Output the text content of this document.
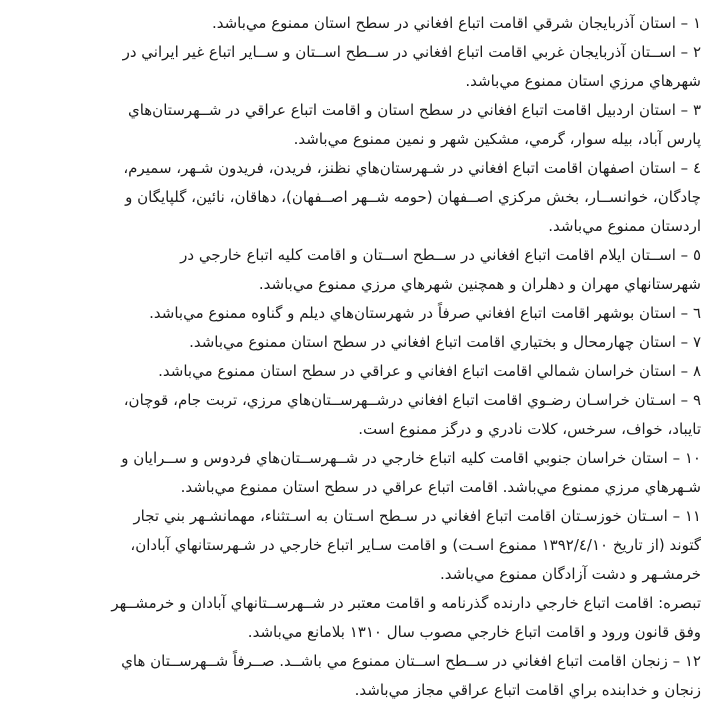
۱ – استان آذربایجان شرقي اقامت اتباع افغاني در سطح استان ممنوع مي‌باشد.
۲ – اســتان آذربایجان غربي اقامت اتباع افغاني در ســطح اســتان و ســایر اتباع غیر ایراني در
شهرهاي مرزي استان ممنوع مي‌باشد.
۳ – استان اردبیل اقامت اتباع افغاني در سطح استان و اقامت اتباع عراقي در شــهرستان‌هاي
پارس آباد، بیله سوار، گرمي، مشکین شهر و نمین ممنوع مي‌باشد.
٤ – استان اصفهان اقامت اتباع افغاني در شـهرستان‌هاي نظنز، فریدن، فریدون شـهر، سمیرم،
چادگان، خوانســار، بخش مرکزي اصــفهان (حومه شــهر اصــفهان)، دهاقان، نائین، گلپایگان و
اردستان ممنوع مي‌باشد.
٥ – اســتان ایلام اقامت اتباع افغاني در ســطح اســتان و اقامت کلیه اتباع خارجي در
شهرستانهاي مهران و دهلران و همچنین شهرهاي مرزي ممنوع مي‌باشد.
٦ – استان بوشهر اقامت اتباع افغاني صرفاً در شهرستان‌هاي دیلم و گناوه ممنوع مي‌باشد.
۷ – استان چهارمحال و بختیاري اقامت اتباع افغاني در سطح استان ممنوع مي‌باشد.
۸ – استان خراسان شمالي اقامت اتباع افغاني و عراقي در سطح استان ممنوع مي‌باشد.
۹ – اسـتان خراسـان رضـوي اقامت اتباع افغاني درشــهرســتان‌هاي مرزي، تربت جام، قوچان،
تایباد، خواف، سرخس، کلات نادري و درگز ممنوع است.
۱۰ – استان خراسان جنوبي اقامت کلیه اتباع خارجي در شــهرســتان‌هاي فردوس و ســرایان و
شـهرهاي مرزي ممنوع مي‌باشد. اقامت اتباع عراقي در سطح استان ممنوع مي‌باشد.
۱۱ – اسـتان خوزسـتان اقامت اتباع افغاني در سـطح اسـتان به اسـتثناء، مهمانشـهر بني تجار
گتوند (از تاریخ ۱۳۹۲/٤/۱۰ ممنوع اسـت) و اقامت سـایر اتباع خارجي در شـهرستانهاي آبادان،
خرمشـهر و دشت آزادگان ممنوع مي‌باشد.
تبصره: اقامت اتباع خارجي دارنده گذرنامه و اقامت معتبر در شــهرســتانهاي آبادان و خرمشــهر
وفق قانون ورود و اقامت اتباع خارجي مصوب سال ۱۳۱۰ بلامانع مي‌باشد.
۱۲ – زنجان اقامت اتباع افغاني در ســطح اســتان ممنوع مي باشــد. صــرفاً شــهرســتان هاي
زنجان و خدابنده براي اقامت اتباع عراقي مجاز مي‌باشد.
